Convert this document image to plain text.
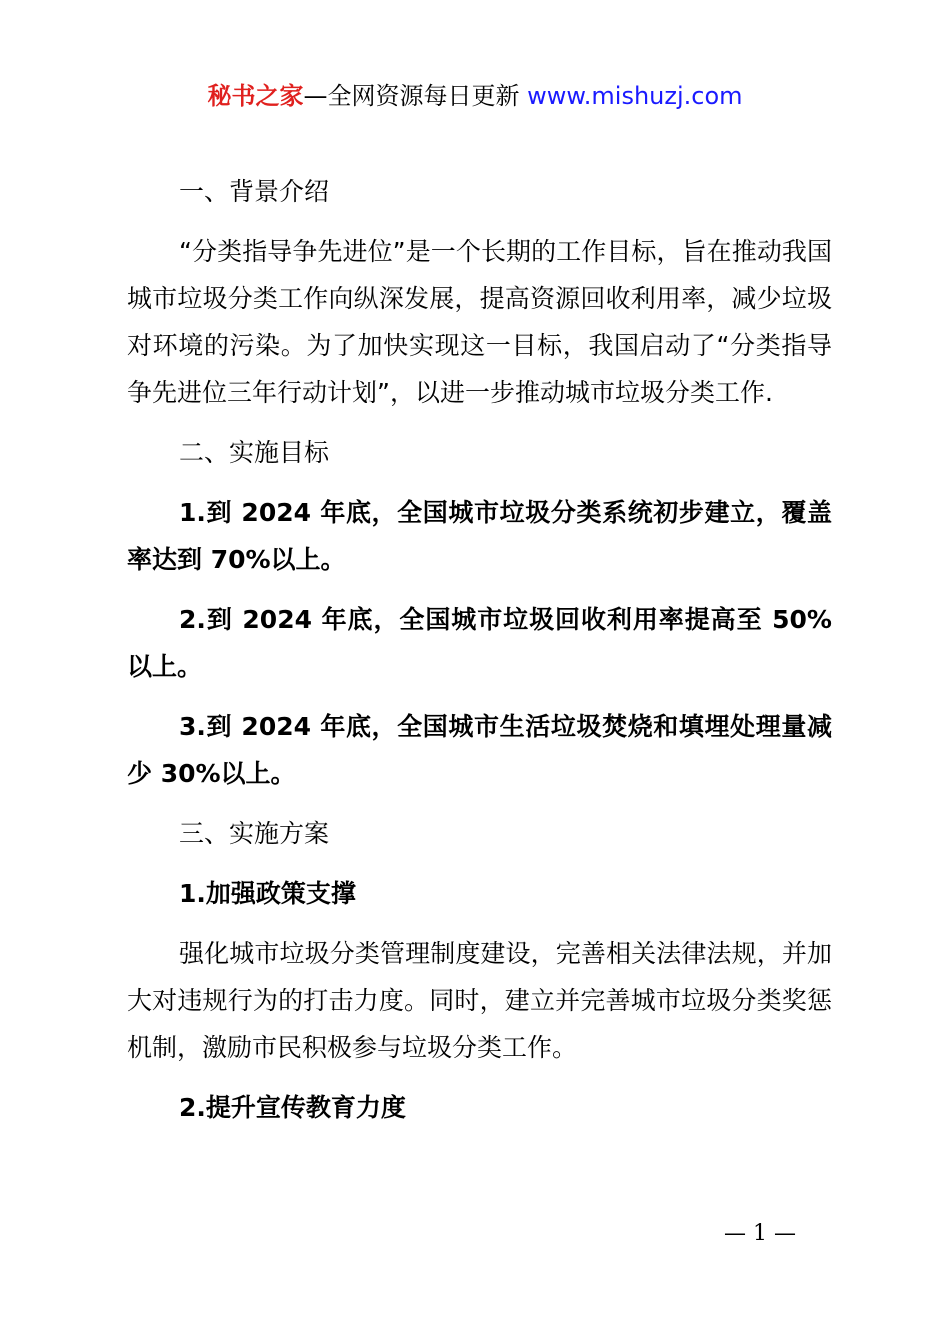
秘书之家—全网资源每日更新 www.mishuzj.com

一、背景介绍

“分类指导争先进位”是一个长期的工作目标，旨在推动我国城市垃圾分类工作向纵深发展，提高资源回收利用率，减少垃圾对环境的污染。为了加快实现这一目标，我国启动了“分类指导争先进位三年行动计划”，以进一步推动城市垃圾分类工作.

二、实施目标

1.到 2024 年底，全国城市垃圾分类系统初步建立，覆盖率达到 70%以上。

2.到 2024 年底，全国城市垃圾回收利用率提高至 50%以上。

3.到 2024 年底，全国城市生活垃圾焚烧和填埋处理量减少 30%以上。

三、实施方案

1.加强政策支撑

强化城市垃圾分类管理制度建设，完善相关法律法规，并加大对违规行为的打击力度。同时，建立并完善城市垃圾分类奖惩机制，激励市民积极参与垃圾分类工作。

2.提升宣传教育力度

— 1 —
